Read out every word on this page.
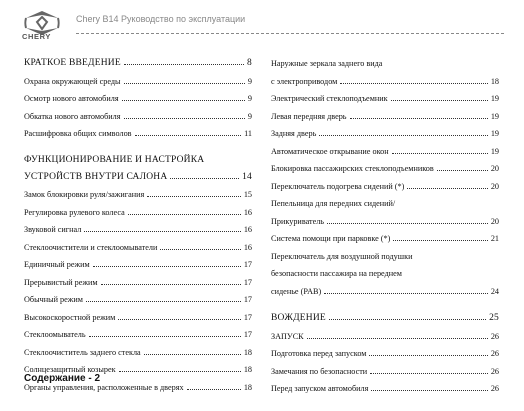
CHERY
Chery B14 Руководство по эксплуатации
КРАТКОЕ ВВЕДЕНИЕ	8
Охрана окружающей среды	9
Осмотр нового автомобиля	9
Обкатка нового автомобиля	9
Расшифровка общих символов	11
ФУНКЦИОНИРОВАНИЕ И НАСТРОЙКА
УСТРОЙСТВ ВНУТРИ САЛОНА	14
Замок блокировки руля/зажигания	15
Регулировка рулевого колеса	16
Звуковой сигнал	16
Стеклоочистители и стеклоомыватели	16
Единичный режим	17
Прерывистый режим	17
Обычный режим	17
Высокоскоростной режим	17
Стеклоомыватель	17
Стеклоочиститель заднего стекла	18
Солнцезащитный козырек	18
Органы управления, расположенные в дверях	18
Наружные зеркала заднего вида
с электроприводом	18
Электрический стеклоподъемник	19
Левая передняя дверь	19
Задняя дверь	19
Автоматическое открывание окон	19
Блокировка пассажирских стеклоподъемников	20
Переключатель подогрева сидений (*)	20
Пепельница для передних сидений/
Прикуриватель	20
Система помощи при парковке (*)	21
Переключатель для воздушной подушки
безопасности пассажира на переднем
сиденье (PAB)	24
ВОЖДЕНИЕ	25
ЗАПУСК	26
Подготовка перед запуском	26
Замечания по безопасности	26
Перед запуском автомобиля	26
Содержание - 2
